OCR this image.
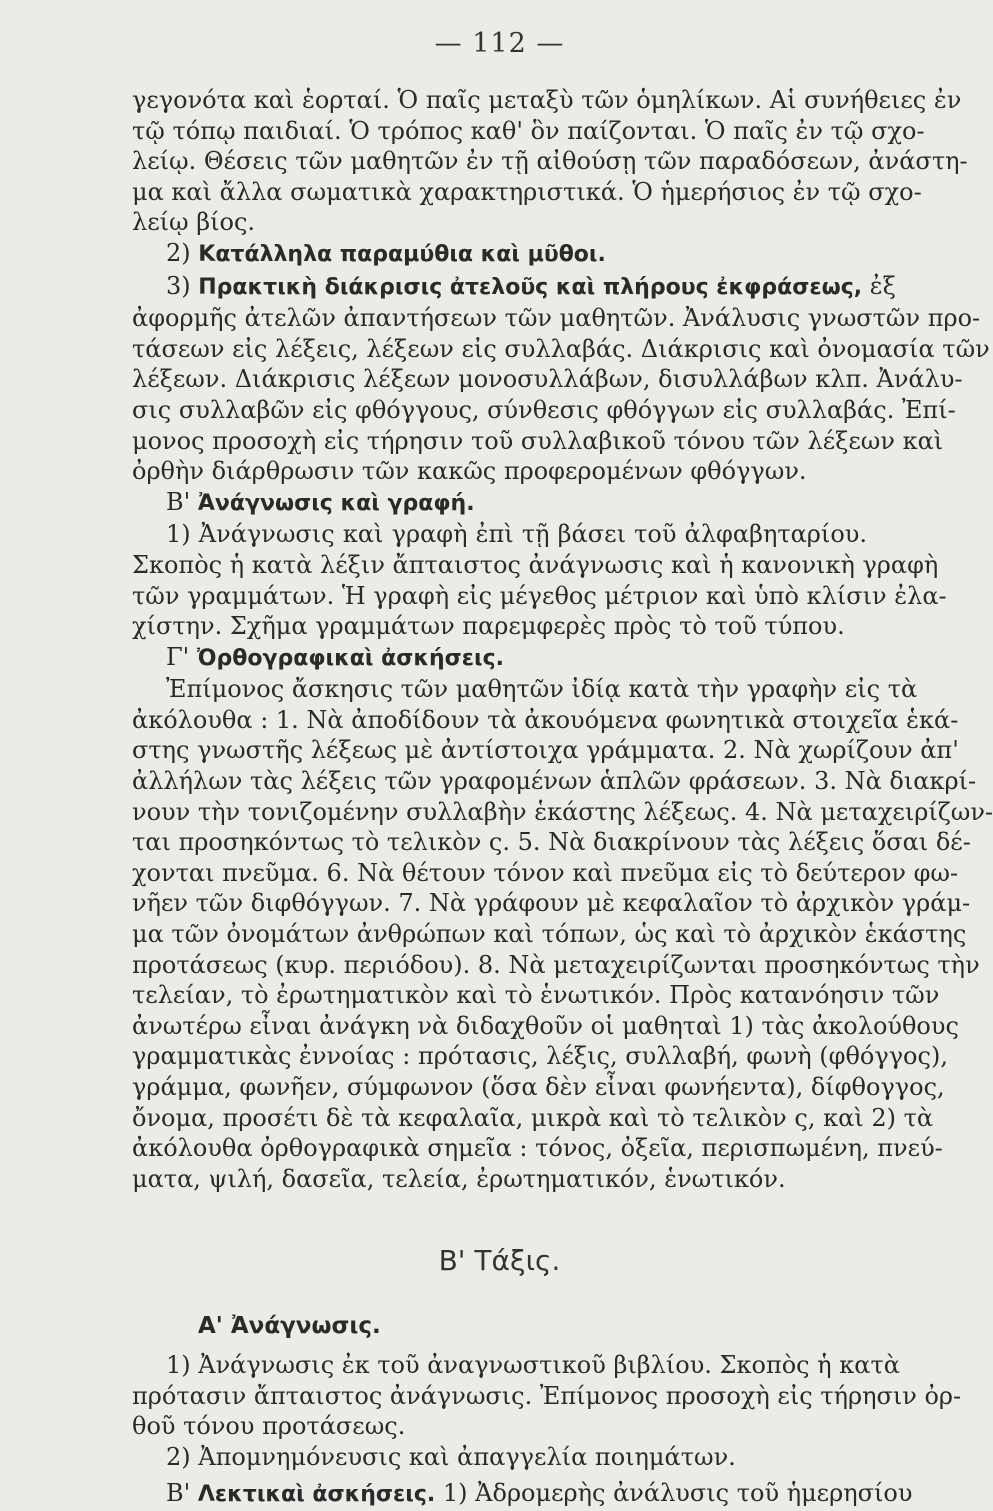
— 112 —
γεγονότα καὶ ἑορταί. Ὁ παῖς μεταξὺ τῶν ὁμηλίκων. Αἱ συνήθειες ἐν
τῷ τόπῳ παιδιαί. Ὁ τρόπος καθ' ὃν παίζονται. Ὁ παῖς ἐν τῷ σχο-
λείῳ. Θέσεις τῶν μαθητῶν ἐν τῇ αἰθούσῃ τῶν παραδόσεων, ἀνάστη-
μα καὶ ἄλλα σωματικὰ χαρακτηριστικά. Ὁ ἡμερήσιος ἐν τῷ σχο-
λείῳ βίος.
2) Κατάλληλα παραμύθια καὶ μῦθοι.
3) Πρακτικὴ διάκρισις ἀτελοῦς καὶ πλήρους ἐκφράσεως, ἐξ
ἀφορμῆς ἀτελῶν ἀπαντήσεων τῶν μαθητῶν. Ἀνάλυσις γνωστῶν προ-
τάσεων εἰς λέξεις, λέξεων εἰς συλλαβάς. Διάκρισις καὶ ὀνομασία τῶν
λέξεων. Διάκρισις λέξεων μονοσυλλάβων, δισυλλάβων κλπ. Ἀνάλυ-
σις συλλαβῶν εἰς φθόγγους, σύνθεσις φθόγγων εἰς συλλαβάς. Ἐπί-
μονος προσοχὴ εἰς τήρησιν τοῦ συλλαβικοῦ τόνου τῶν λέξεων καὶ
ὀρθὴν διάρθρωσιν τῶν κακῶς προφερομένων φθόγγων.
Β' Ἀνάγνωσις καὶ γραφή.
1) Ἀνάγνωσις καὶ γραφὴ ἐπὶ τῇ βάσει τοῦ ἀλφαβηταρίου.
Σκοπὸς ἡ κατὰ λέξιν ἄπταιστος ἀνάγνωσις καὶ ἡ κανονικὴ γραφὴ
τῶν γραμμάτων. Ἡ γραφὴ εἰς μέγεθος μέτριον καὶ ὑπὸ κλίσιν ἐλα-
χίστην. Σχῆμα γραμμάτων παρεμφερὲς πρὸς τὸ τοῦ τύπου.
Γ' Ὀρθογραφικαὶ ἀσκήσεις.
Ἐπίμονος ἄσκησις τῶν μαθητῶν ἰδίᾳ κατὰ τὴν γραφὴν εἰς τὰ
ἀκόλουθα : 1. Νὰ ἀποδίδουν τὰ ἀκουόμενα φωνητικὰ στοιχεῖα ἑκά-
στης γνωστῆς λέξεως μὲ ἀντίστοιχα γράμματα. 2. Νὰ χωρίζουν ἀπ'
ἀλλήλων τὰς λέξεις τῶν γραφομένων ἁπλῶν φράσεων. 3. Νὰ διακρί-
νουν τὴν τονιζομένην συλλαβὴν ἑκάστης λέξεως. 4. Νὰ μεταχειρίζων-
ται προσηκόντως τὸ τελικὸν ς. 5. Νὰ διακρίνουν τὰς λέξεις ὅσαι δέ-
χονται πνεῦμα. 6. Νὰ θέτουν τόνον καὶ πνεῦμα εἰς τὸ δεύτερον φω-
νῆεν τῶν διφθόγγων. 7. Νὰ γράφουν μὲ κεφαλαῖον τὸ ἀρχικὸν γράμ-
μα τῶν ὀνομάτων ἀνθρώπων καὶ τόπων, ὡς καὶ τὸ ἀρχικὸν ἑκάστης
προτάσεως (κυρ. περιόδου). 8. Νὰ μεταχειρίζωνται προσηκόντως τὴν
τελείαν, τὸ ἐρωτηματικὸν καὶ τὸ ἑνωτικόν. Πρὸς κατανόησιν τῶν
ἀνωτέρω εἶναι ἀνάγκη νὰ διδαχθοῦν οἱ μαθηταὶ 1) τὰς ἀκολούθους
γραμματικὰς ἐννοίας : πρότασις, λέξις, συλλαβή, φωνὴ (φθόγγος),
γράμμα, φωνῆεν, σύμφωνον (ὅσα δὲν εἶναι φωνήεντα), δίφθογγος,
ὄνομα, προσέτι δὲ τὰ κεφαλαῖα, μικρὰ καὶ τὸ τελικὸν ς, καὶ 2) τὰ
ἀκόλουθα ὀρθογραφικὰ σημεῖα : τόνος, ὀξεῖα, περισπωμένη, πνεύ-
ματα, ψιλή, δασεῖα, τελεία, ἐρωτηματικόν, ἑνωτικόν.
Β' Τάξις.
Α' Ἀνάγνωσις.
1) Ἀνάγνωσις ἐκ τοῦ ἀναγνωστικοῦ βιβλίου. Σκοπὸς ἡ κατὰ
πρότασιν ἄπταιστος ἀνάγνωσις. Ἐπίμονος προσοχὴ εἰς τήρησιν ὀρ-
θοῦ τόνου προτάσεως.
2) Ἀπομνημόνευσις καὶ ἀπαγγελία ποιημάτων.
Β' Λεκτικαὶ ἀσκήσεις. 1) Ἀδρομερὴς ἀνάλυσις τοῦ ἡμερησίου
